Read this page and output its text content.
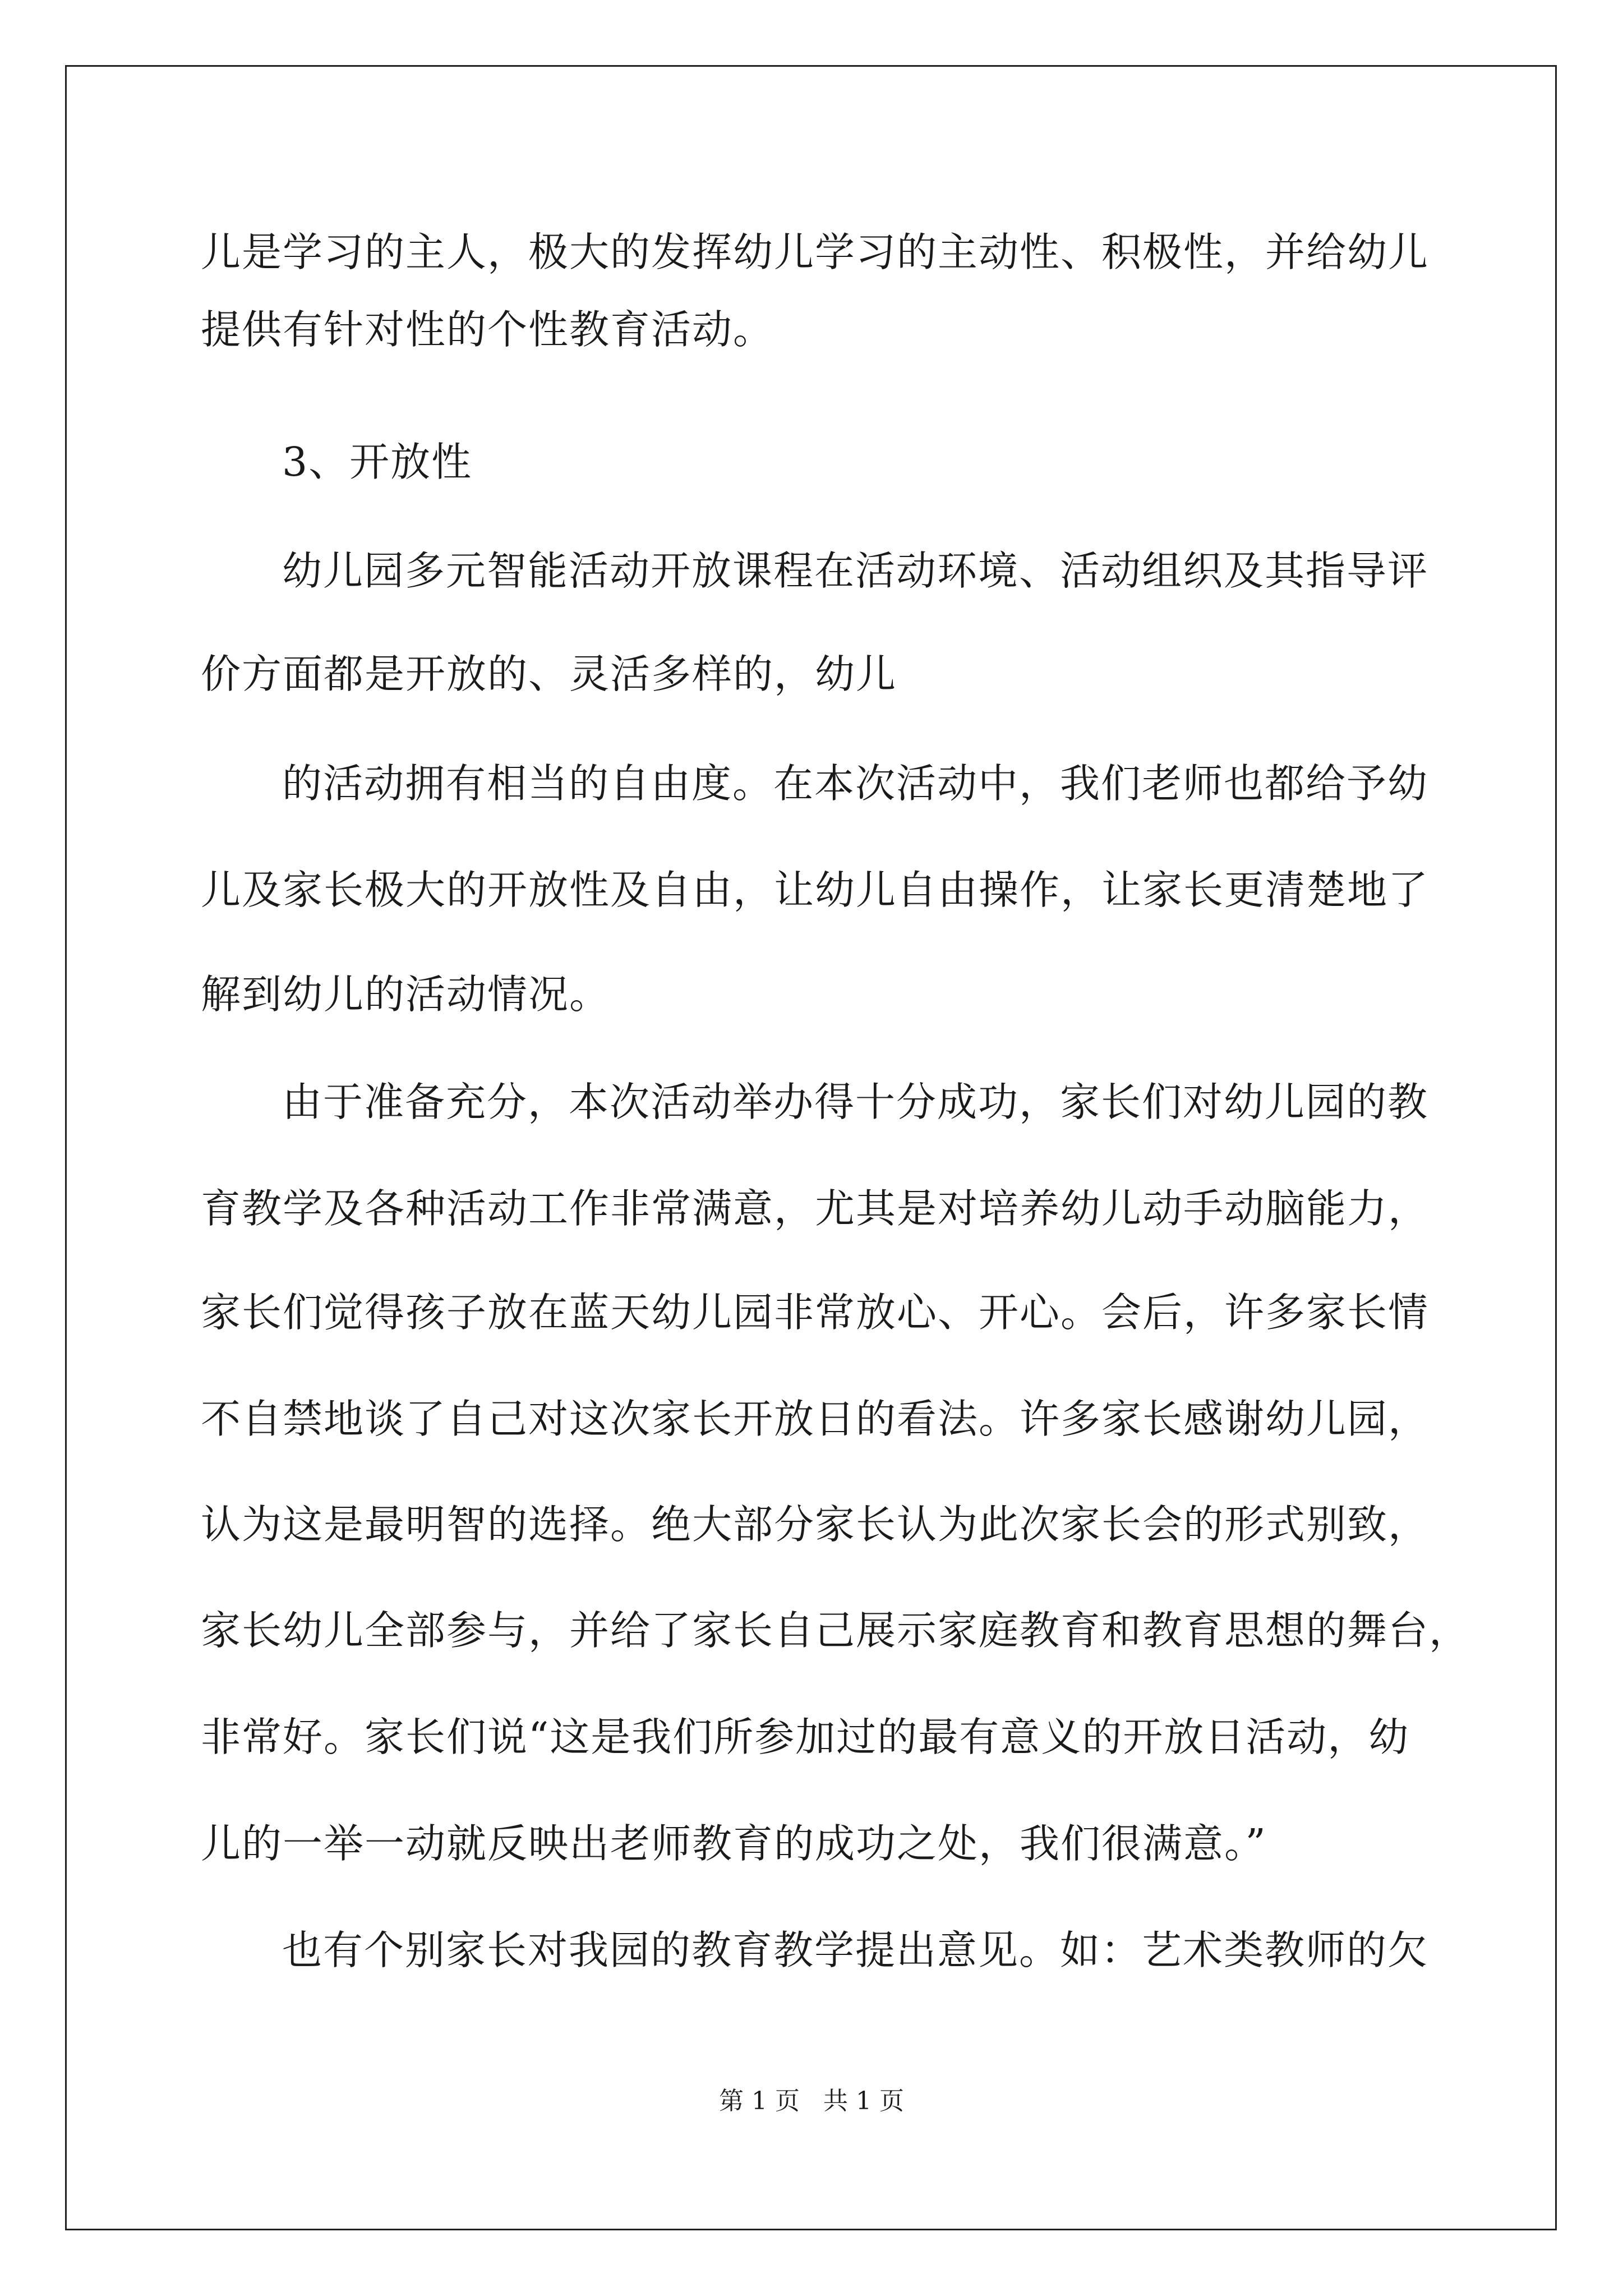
儿是学习的主人，极大的发挥幼儿学习的主动性、积极性，并给幼儿
提供有针对性的个性教育活动。
3、开放性
幼儿园多元智能活动开放课程在活动环境、活动组织及其指导评
价方面都是开放的、灵活多样的，幼儿
的活动拥有相当的自由度。在本次活动中，我们老师也都给予幼
儿及家长极大的开放性及自由，让幼儿自由操作，让家长更清楚地了
解到幼儿的活动情况。
由于准备充分，本次活动举办得十分成功，家长们对幼儿园的教
育教学及各种活动工作非常满意，尤其是对培养幼儿动手动脑能力，
家长们觉得孩子放在蓝天幼儿园非常放心、开心。会后，许多家长情
不自禁地谈了自己对这次家长开放日的看法。许多家长感谢幼儿园，
认为这是最明智的选择。绝大部分家长认为此次家长会的形式别致，
家长幼儿全部参与，并给了家长自己展示家庭教育和教育思想的舞台，
非常好。家长们说“这是我们所参加过的最有意义的开放日活动，幼
儿的一举一动就反映出老师教育的成功之处，我们很满意。”
也有个别家长对我园的教育教学提出意见。如：艺术类教师的欠
第 1 页   共 1 页
